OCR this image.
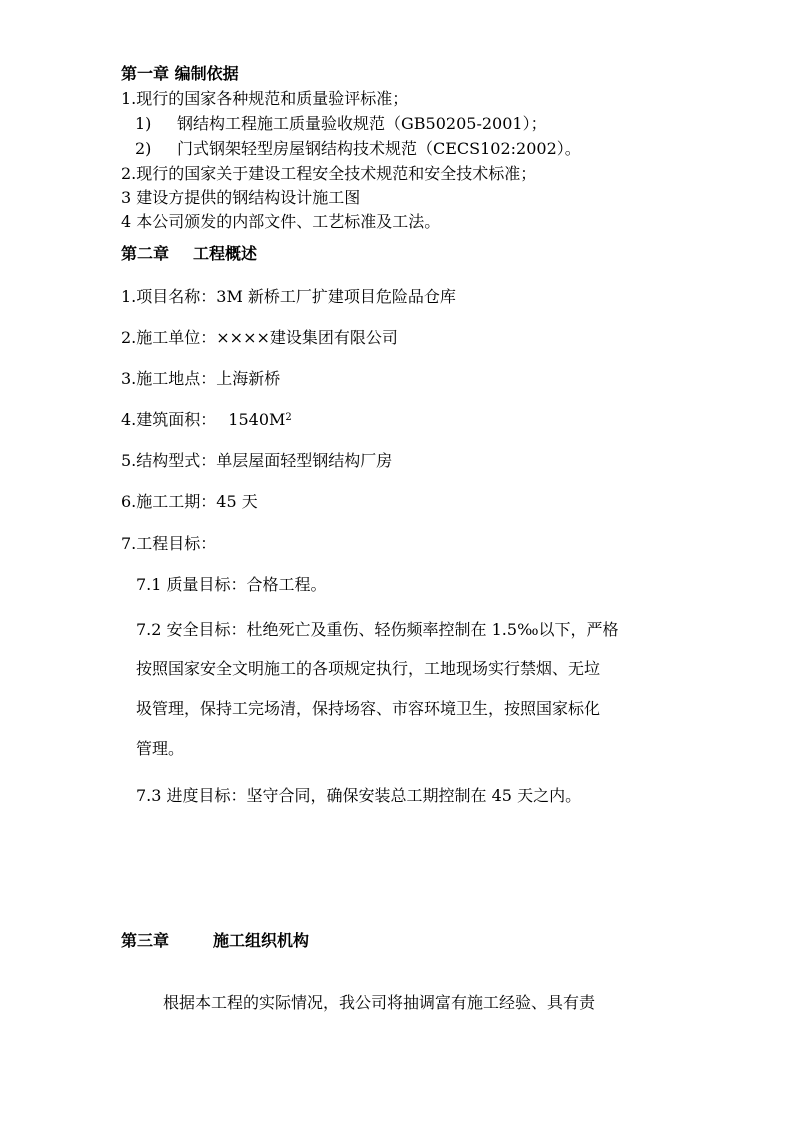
第一章 编制依据
1.现行的国家各种规范和质量验评标准；
1) 钢结构工程施工质量验收规范（GB50205-2001）；
2) 门式钢架轻型房屋钢结构技术规范（CECS102:2002）。
2.现行的国家关于建设工程安全技术规范和安全技术标准；
3 建设方提供的钢结构设计施工图
4 本公司颁发的内部文件、工艺标准及工法。
第二章 工程概述
1.项目名称：3M 新桥工厂扩建项目危险品仓库
2.施工单位：××××建设集团有限公司
3.施工地点：上海新桥
4.建筑面积： $1540M^2$
5.结构型式：单层屋面轻型钢结构厂房
6.施工工期：45 天
7.工程目标：
7.1 质量目标：合格工程。
7.2 安全目标：杜绝死亡及重伤、轻伤频率控制在 1.5‰以下，严格
按照国家安全文明施工的各项规定执行，工地现场实行禁烟、无垃
圾管理，保持工完场清，保持场容、市容环境卫生，按照国家标化
管理。
7.3 进度目标：坚守合同，确保安装总工期控制在 45 天之内。
第三章	施工组织机构
根据本工程的实际情况，我公司将抽调富有施工经验、具有责
